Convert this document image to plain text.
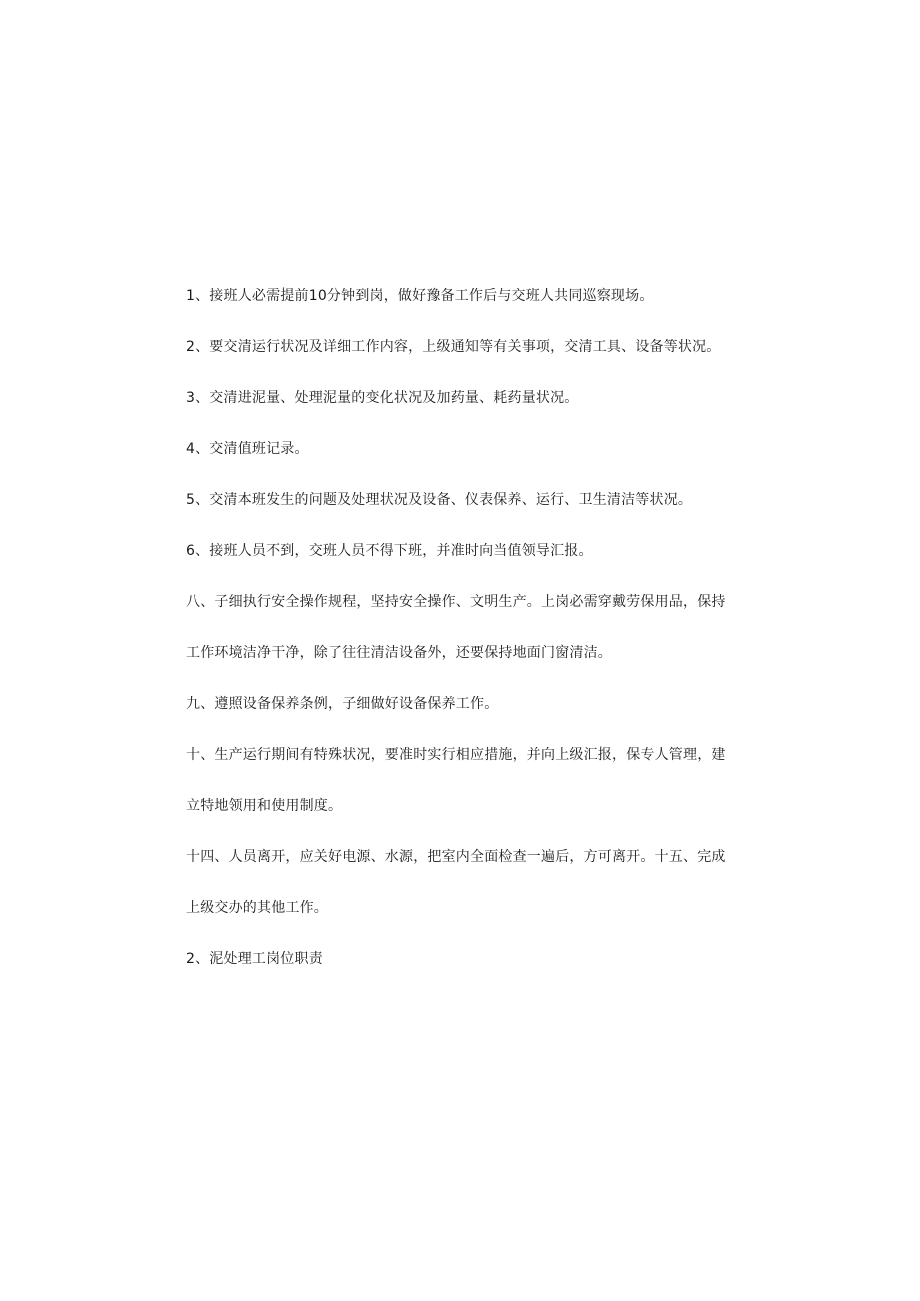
1、接班人必需提前10分钟到岗，做好豫备工作后与交班人共同巡察现场。
2、要交清运行状况及详细工作内容，上级通知等有关事项，交清工具、设备等状况。
3、交清进泥量、处理泥量的变化状况及加药量、耗药量状况。
4、交清值班记录。
5、交清本班发生的问题及处理状况及设备、仪表保养、运行、卫生清洁等状况。
6、接班人员不到，交班人员不得下班，并准时向当值领导汇报。
八、子细执行安全操作规程，坚持安全操作、文明生产。上岗必需穿戴劳保用品，保持
工作环境洁净干净，除了往往清洁设备外，还要保持地面门窗清洁。
九、遵照设备保养条例，子细做好设备保养工作。
十、生产运行期间有特殊状况，要准时实行相应措施，并向上级汇报，保专人管理，建
立特地领用和使用制度。
十四、人员离开，应关好电源、水源，把室内全面检查一遍后，方可离开。十五、完成
上级交办的其他工作。
2、泥处理工岗位职责
